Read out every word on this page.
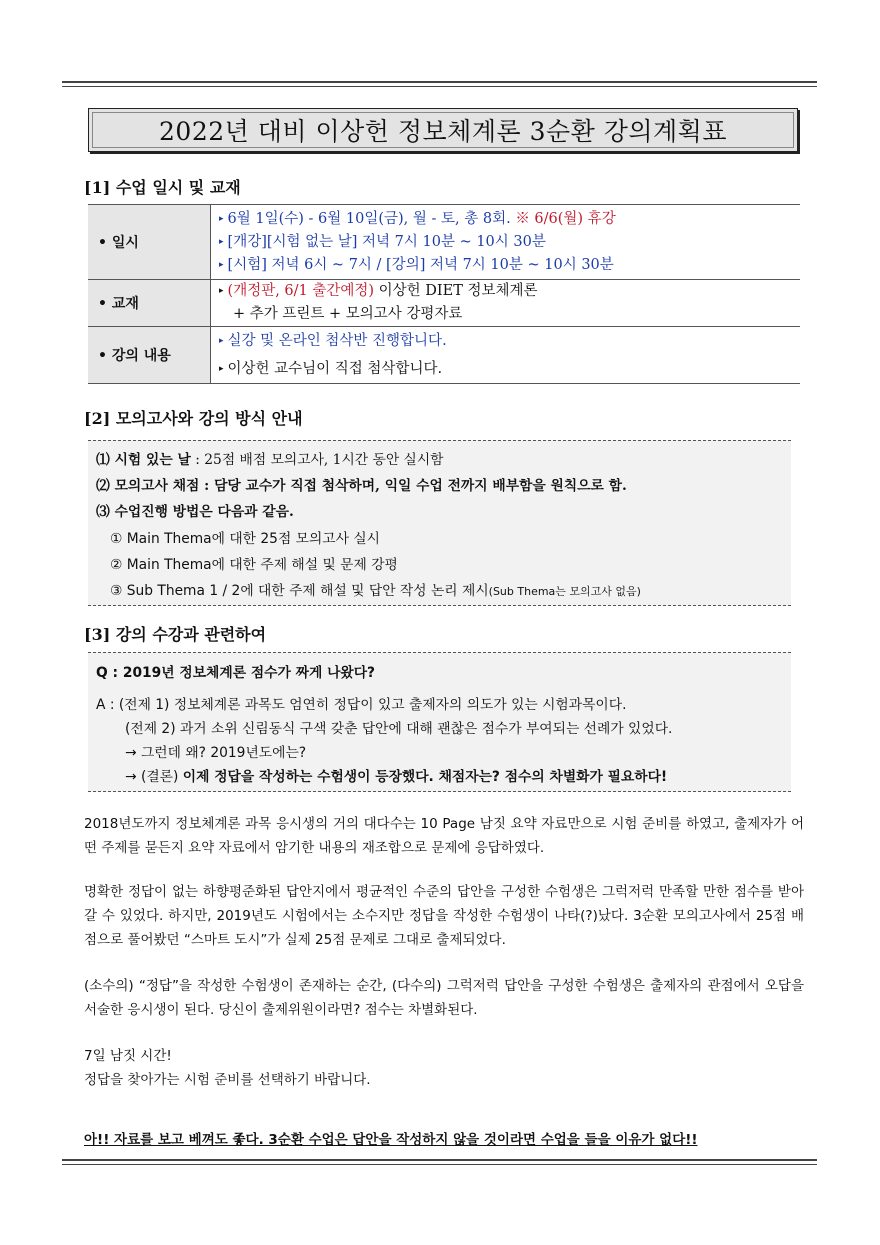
2022년 대비 이상헌 정보체계론 3순환 강의계획표
[1] 수업 일시 및 교재
• 일시	▸ 6월 1일(수) - 6월 10일(금), 월 - 토, 총 8회. ※ 6/6(월) 휴강
▸ [개강][시험 없는 날] 저녁 7시 10분 ~ 10시 30분
▸ [시험] 저녁 6시 ~ 7시 / [강의] 저녁 7시 10분 ~ 10시 30분

• 교재	▸ (개정판, 6/1 출간예정) 이상헌 DIET 정보체계론
+ 추가 프린트 + 모의고사 강평자료

• 강의 내용	▸ 실강 및 온라인 첨삭반 진행합니다.
▸ 이상헌 교수님이 직접 첨삭합니다.
[2] 모의고사와 강의 방식 안내
⑴ 시험 있는 날 : 25점 배점 모의고사, 1시간 동안 실시함
⑵ 모의고사 채점 : 담당 교수가 직접 첨삭하며, 익일 수업 전까지 배부함을 원칙으로 함.
⑶ 수업진행 방법은 다음과 같음.
① Main Thema에 대한 25점 모의고사 실시
② Main Thema에 대한 주제 해설 및 문제 강평
③ Sub Thema 1 / 2에 대한 주제 해설 및 답안 작성 논리 제시(Sub Thema는 모의고사 없음)
[3] 강의 수강과 관련하여
Q : 2019년 정보체계론 점수가 짜게 나왔다?
A : (전제 1) 정보체계론 과목도 엄연히 정답이 있고 출제자의 의도가 있는 시험과목이다.
(전제 2) 과거 소위 신림동식 구색 갖춘 답안에 대해 괜찮은 점수가 부여되는 선례가 있었다.
→ 그런데 왜? 2019년도에는?
→ (결론) 이제 정답을 작성하는 수험생이 등장했다. 채점자는? 점수의 차별화가 필요하다!
2018년도까지 정보체계론 과목 응시생의 거의 대다수는 10 Page 남짓 요약 자료만으로 시험 준비를 하였고, 출제자가 어떤 주제를 묻든지 요약 자료에서 암기한 내용의 재조합으로 문제에 응답하였다.
명확한 정답이 없는 하향평준화된 답안지에서 평균적인 수준의 답안을 구성한 수험생은 그럭저럭 만족할 만한 점수를 받아갈 수 있었다. 하지만, 2019년도 시험에서는 소수지만 정답을 작성한 수험생이 나타(?)났다. 3순환 모의고사에서 25점 배점으로 풀어봤던 “스마트 도시”가 실제 25점 문제로 그대로 출제되었다.
(소수의) “정답”을 작성한 수험생이 존재하는 순간, (다수의) 그럭저럭 답안을 구성한 수험생은 출제자의 관점에서 오답을 서술한 응시생이 된다. 당신이 출제위원이라면? 점수는 차별화된다.
7일 남짓 시간!
정답을 찾아가는 시험 준비를 선택하기 바랍니다.
아!! 자료를 보고 베껴도 좋다. 3순환 수업은 답안을 작성하지 않을 것이라면 수업을 들을 이유가 없다!!
